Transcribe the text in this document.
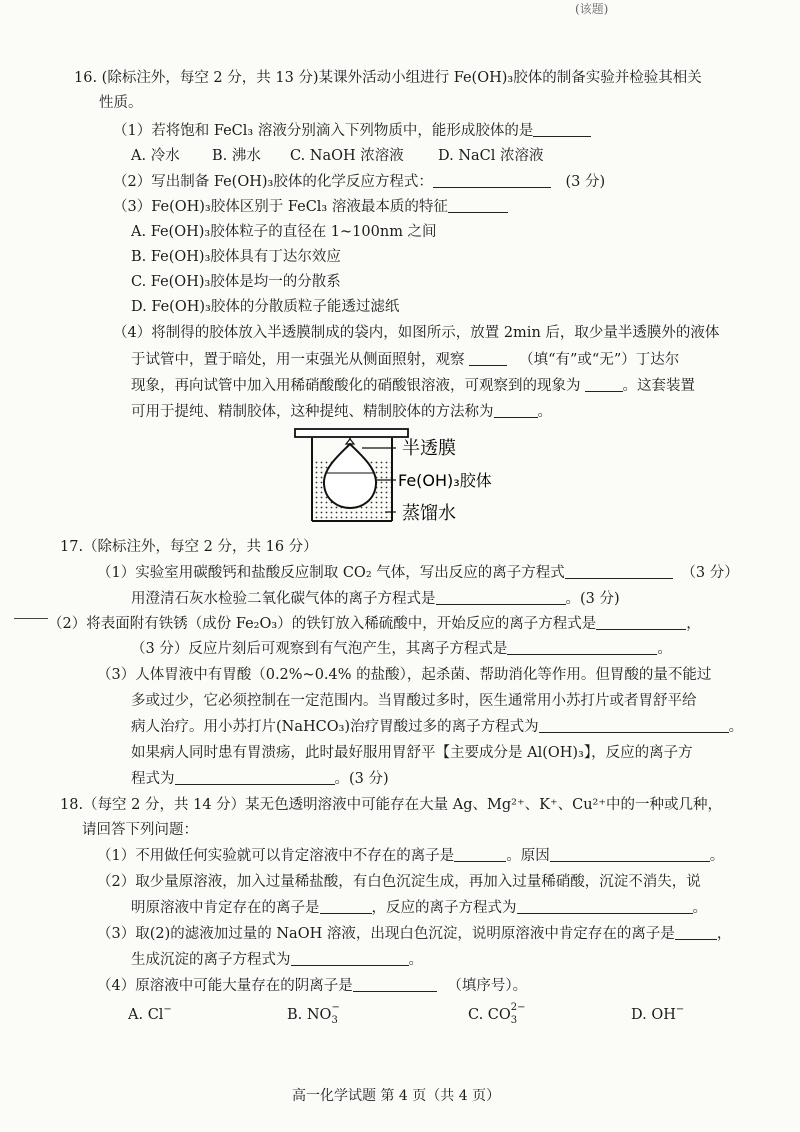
(该题)
16. (除标注外，每空 2 分，共 13 分)某课外活动小组进行 Fe(OH)₃胶体的制备实验并检验其相关
性质。
（1）若将饱和 FeCl₃ 溶液分别滴入下列物质中，能形成胶体的是
A. 冷水 B. 沸水 C. NaOH 浓溶液 D. NaCl 浓溶液
（2）写出制备 Fe(OH)₃胶体的化学反应方程式：	(3 分)
（3）Fe(OH)₃胶体区别于 FeCl₃ 溶液最本质的特征
A. Fe(OH)₃胶体粒子的直径在 1~100nm 之间
B. Fe(OH)₃胶体具有丁达尔效应
C. Fe(OH)₃胶体是均一的分散系
D. Fe(OH)₃胶体的分散质粒子能透过滤纸
（4）将制得的胶体放入半透膜制成的袋内，如图所示，放置 2min 后，取少量半透膜外的液体
于试管中，置于暗处，用一束强光从侧面照射，观察	（填“有”或“无”）丁达尔
现象，再向试管中加入用稀硝酸酸化的硝酸银溶液，可观察到的现象为	。这套装置
可用于提纯、精制胶体，这种提纯、精制胶体的方法称为	。
半透膜
Fe(OH)₃胶体
蒸馏水
17.（除标注外，每空 2 分，共 16 分）
（1）实验室用碳酸钙和盐酸反应制取 CO₂ 气体，写出反应的离子方程式	（3 分）
用澄清石灰水检验二氧化碳气体的离子方程式是	。(3 分)
（2）将表面附有铁锈（成份 Fe₂O₃）的铁钉放入稀硫酸中，开始反应的离子方程式是	，
（3 分）反应片刻后可观察到有气泡产生，其离子方程式是	。
（3）人体胃液中有胃酸（0.2%~0.4% 的盐酸），起杀菌、帮助消化等作用。但胃酸的量不能过
多或过少，它必须控制在一定范围内。当胃酸过多时，医生通常用小苏打片或者胃舒平给
病人治疗。用小苏打片(NaHCO₃)治疗胃酸过多的离子方程式为	。
如果病人同时患有胃溃疡，此时最好服用胃舒平【主要成分是 Al(OH)₃】，反应的离子方
程式为	。(3 分)
18.（每空 2 分，共 14 分）某无色透明溶液中可能存在大量 Ag、Mg²⁺、K⁺、Cu²⁺中的一种或几种，
请回答下列问题：
（1）不用做任何实验就可以肯定溶液中不存在的离子是	。原因	。
（2）取少量原溶液，加入过量稀盐酸，有白色沉淀生成，再加入过量稀硝酸，沉淀不消失，说
明原溶液中肯定存在的离子是	，反应的离子方程式为	。
（3）取(2)的滤液加过量的 NaOH 溶液，出现白色沉淀，说明原溶液中肯定存在的离子是	，
生成沉淀的离子方程式为	。
（4）原溶液中可能大量存在的阴离子是	（填序号）。
A. Cl−	B. NO −
3	C. CO 2−
3	D. OH−
高一化学试题 第 4 页（共 4 页）
